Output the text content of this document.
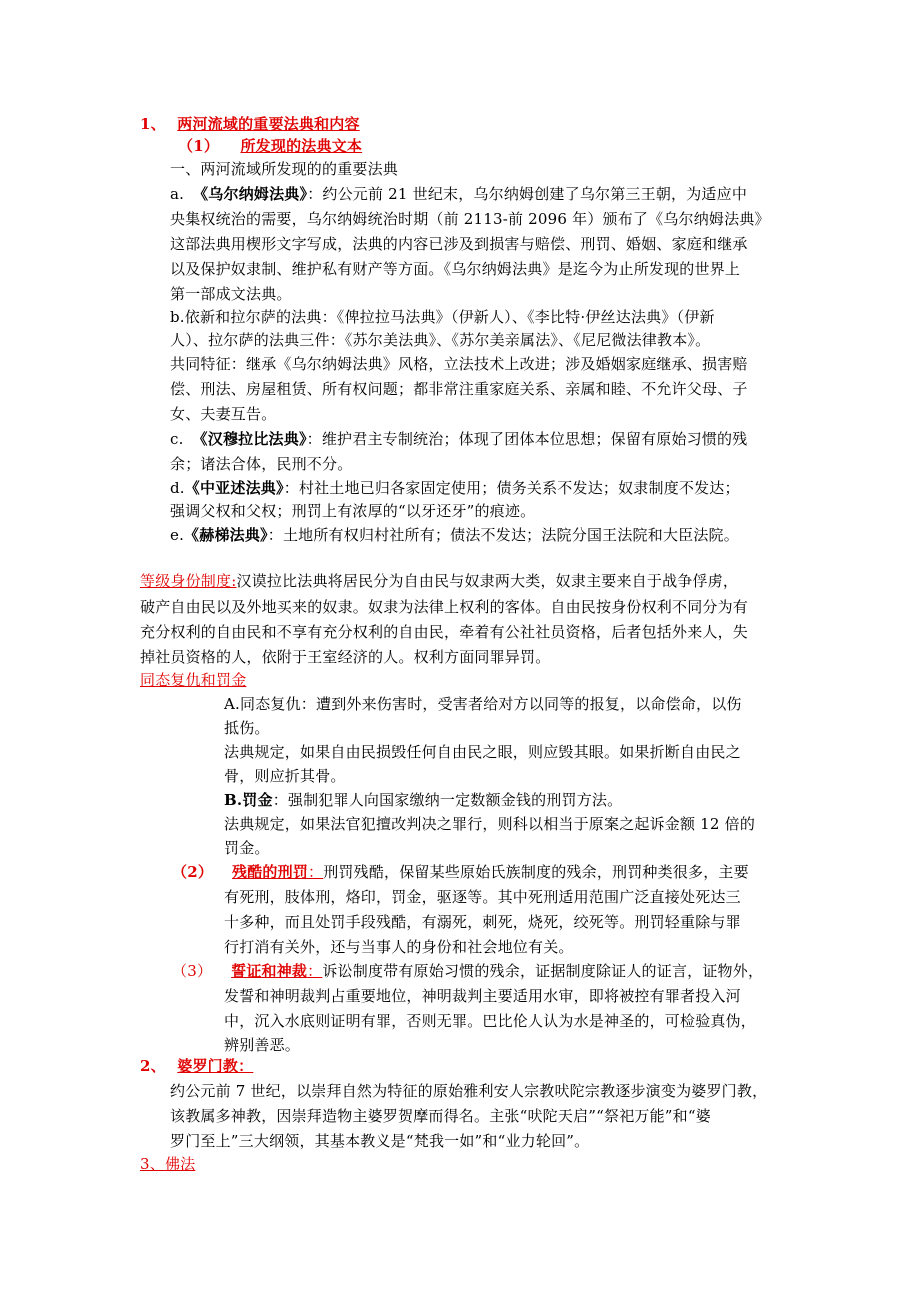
1、 两河流域的重要法典和内容
（1） 所发现的法典文本
一、两河流域所发现的的重要法典
a. 《乌尔纳姆法典》：约公元前 21 世纪末，乌尔纳姆创建了乌尔第三王朝，为适应中
央集权统治的需要，乌尔纳姆统治时期（前 2113-前 2096 年）颁布了《乌尔纳姆法典》
这部法典用楔形文字写成，法典的内容已涉及到损害与赔偿、刑罚、婚姻、家庭和继承
以及保护奴隶制、维护私有财产等方面。《乌尔纳姆法典》是迄今为止所发现的世界上
第一部成文法典。
b.依新和拉尔萨的法典：《俾拉拉马法典》（伊新人）、《李比特·伊丝达法典》（伊新
人）、拉尔萨的法典三件：《苏尔美法典》、《苏尔美亲属法》、《尼尼微法律教本》。
共同特征：继承《乌尔纳姆法典》风格，立法技术上改进；涉及婚姻家庭继承、损害赔
偿、刑法、房屋租赁、所有权问题；都非常注重家庭关系、亲属和睦、不允许父母、子
女、夫妻互告。
c. 《汉穆拉比法典》：维护君主专制统治；体现了团体本位思想；保留有原始习惯的残
余；诸法合体，民刑不分。
d.《中亚述法典》：村社土地已归各家固定使用；债务关系不发达；奴隶制度不发达；
强调父权和父权；刑罚上有浓厚的“以牙还牙”的痕迹。
e.《赫梯法典》：土地所有权归村社所有；债法不发达；法院分国王法院和大臣法院。
等级身份制度:汉谟拉比法典将居民分为自由民与奴隶两大类，奴隶主要来自于战争俘虏，
破产自由民以及外地买来的奴隶。奴隶为法律上权利的客体。自由民按身份权利不同分为有
充分权利的自由民和不享有充分权利的自由民，牵着有公社社员资格，后者包括外来人，失
掉社员资格的人，依附于王室经济的人。权利方面同罪异罚。
同态复仇和罚金
A.同态复仇：遭到外来伤害时，受害者给对方以同等的报复，以命偿命，以伤
抵伤。
法典规定，如果自由民损毁任何自由民之眼，则应毁其眼。如果折断自由民之
骨，则应折其骨。
B.罚金：强制犯罪人向国家缴纳一定数额金钱的刑罚方法。
法典规定，如果法官犯擅改判决之罪行，则科以相当于原案之起诉金额 12 倍的
罚金。
（2） 残酷的刑罚：刑罚残酷，保留某些原始氏族制度的残余，刑罚种类很多，主要
有死刑，肢体刑，烙印，罚金，驱逐等。其中死刑适用范围广泛直接处死达三
十多种，而且处罚手段残酷，有溺死，刺死，烧死，绞死等。刑罚轻重除与罪
行打消有关外，还与当事人的身份和社会地位有关。
（3） 誓证和神裁：诉讼制度带有原始习惯的残余，证据制度除证人的证言，证物外，
发誓和神明裁判占重要地位，神明裁判主要适用水审，即将被控有罪者投入河
中，沉入水底则证明有罪，否则无罪。巴比伦人认为水是神圣的，可检验真伪，
辨别善恶。
2、 婆罗门教：
约公元前 7 世纪，以崇拜自然为特征的原始雅利安人宗教吠陀宗教逐步演变为婆罗门教，
该教属多神教，因崇拜造物主婆罗贺摩而得名。主张“吠陀天启”“祭祀万能”和“婆
罗门至上”三大纲领，其基本教义是“梵我一如”和“业力轮回”。
3、佛法
